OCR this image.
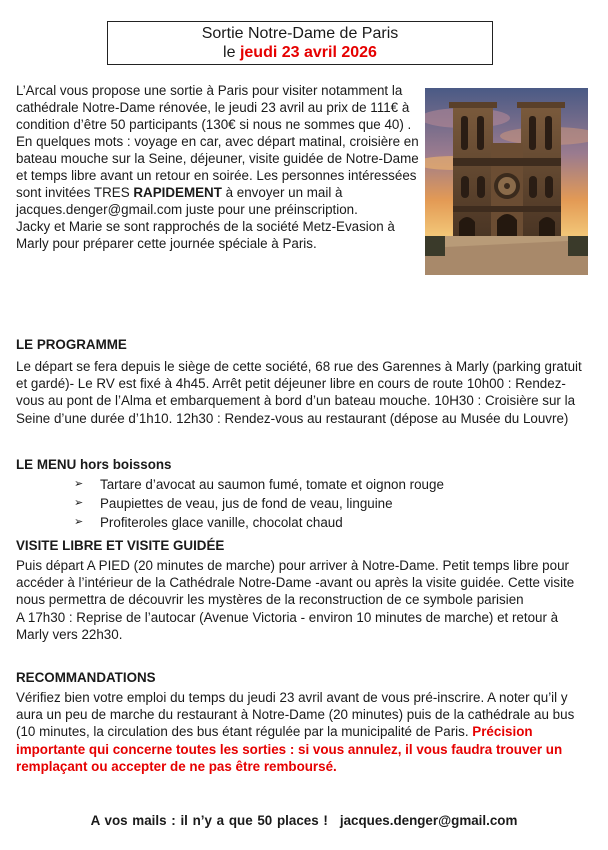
Sortie Notre-Dame de Paris
le jeudi 23 avril 2026
L’Arcal vous propose une sortie à Paris pour visiter notamment la cathédrale Notre-Dame rénovée, le jeudi 23 avril au prix de 111€ à condition d’être 50 participants (130€ si nous ne sommes que 40) . En quelques mots : voyage en car, avec départ matinal, croisière en bateau mouche sur la Seine, déjeuner, visite guidée de Notre-Dame et temps libre avant un retour en soirée. Les personnes intéressées sont invitées TRES RAPIDEMENT à envoyer un mail à jacques.denger@gmail.com juste pour une préinscription.
Jacky et Marie se sont rapprochés de la société Metz-Evasion à Marly pour préparer cette journée spéciale à Paris.

LE PROGRAMME

Le départ se fera depuis le siège de cette société, 68 rue des Garennes à Marly (parking gratuit et gardé)- Le RV est fixé à 4h45. Arrêt petit déjeuner libre en cours de route 10h00 : Rendez-vous au pont de l’Alma et embarquement à bord d’un bateau mouche. 10H30 : Croisière sur la Seine d’une durée d’1h10. 12h30 : Rendez-vous au restaurant (dépose au Musée du Louvre)

LE MENU hors boissons

➢ Tartare d’avocat au saumon fumé, tomate et oignon rouge
➢ Paupiettes de veau, jus de fond de veau, linguine
➢ Profiteroles glace vanille, chocolat chaud

VISITE LIBRE ET VISITE GUIDÉE

Puis départ A PIED (20 minutes de marche) pour arriver à Notre-Dame. Petit temps libre pour accéder à l’intérieur de la Cathédrale Notre-Dame -avant ou après la visite guidée. Cette visite nous permettra de découvrir les mystères de la reconstruction de ce symbole parisien

A 17h30 : Reprise de l’autocar (Avenue Victoria - environ 10 minutes de marche) et retour à Marly vers 22h30.

RECOMMANDATIONS

Vérifiez bien votre emploi du temps du jeudi 23 avril avant de vous pré-inscrire. A noter qu’il y aura un peu de marche du restaurant à Notre-Dame (20 minutes) puis de la cathédrale au bus (10 minutes, la circulation des bus étant régulée par la municipalité de Paris. Précision importante qui concerne toutes les sorties : si vous annulez, il vous faudra trouver un remplaçant ou accepter de ne pas être remboursé.

A vos mails : il n’y a que 50 places ! jacques.denger@gmail.com
